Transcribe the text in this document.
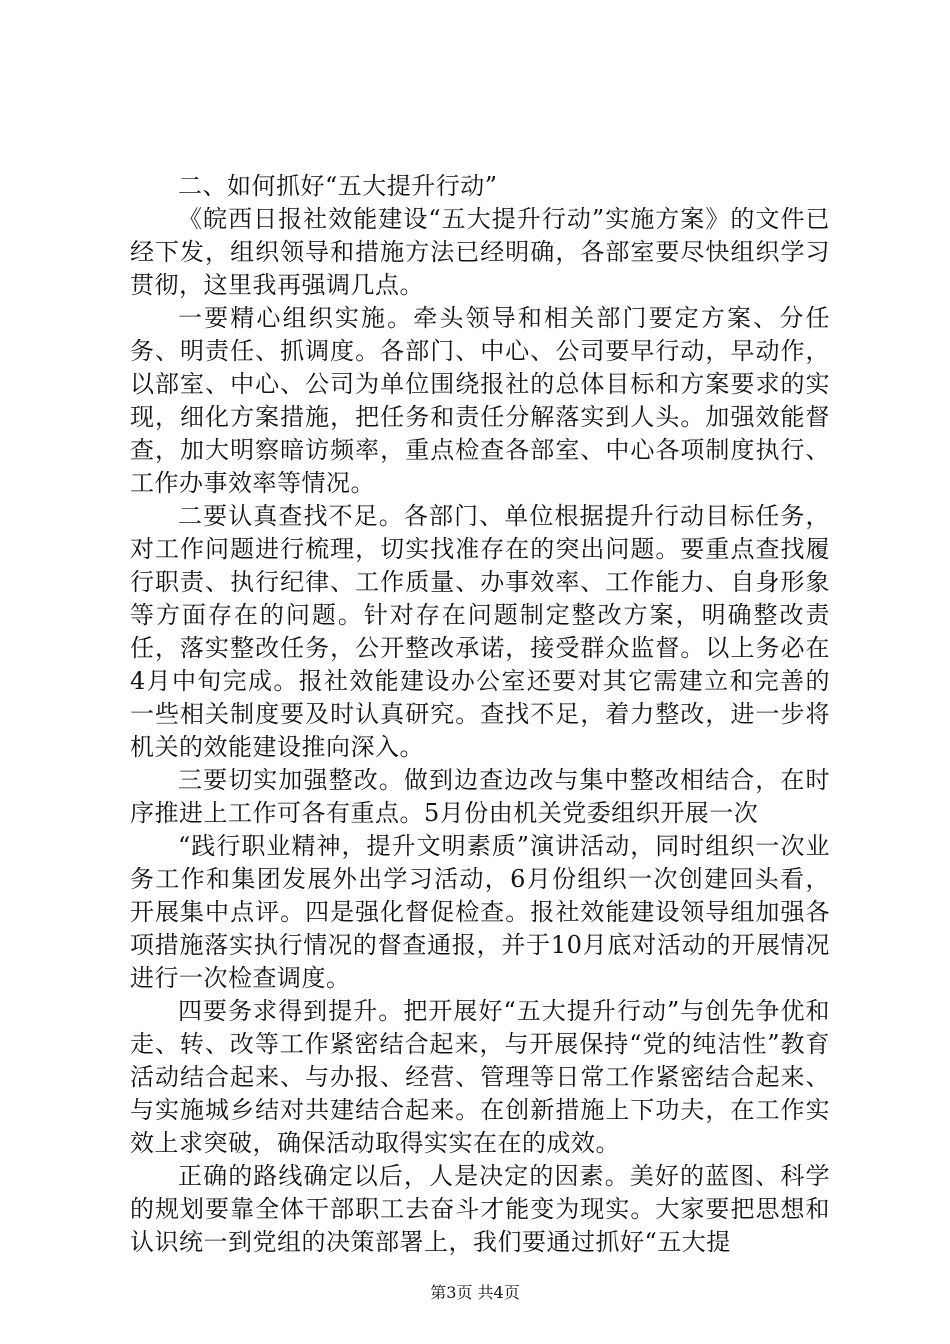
二、如何抓好“五大提升行动”

《皖西日报社效能建设“五大提升行动”实施方案》的文件已经下发，组织领导和措施方法已经明确，各部室要尽快组织学习贯彻，这里我再强调几点。

一要精心组织实施。牵头领导和相关部门要定方案、分任务、明责任、抓调度。各部门、中心、公司要早行动，早动作，以部室、中心、公司为单位围绕报社的总体目标和方案要求的实现，细化方案措施，把任务和责任分解落实到人头。加强效能督查，加大明察暗访频率，重点检查各部室、中心各项制度执行、工作办事效率等情况。

二要认真查找不足。各部门、单位根据提升行动目标任务，对工作问题进行梳理，切实找准存在的突出问题。要重点查找履行职责、执行纪律、工作质量、办事效率、工作能力、自身形象等方面存在的问题。针对存在问题制定整改方案，明确整改责任，落实整改任务，公开整改承诺，接受群众监督。以上务必在4月中旬完成。报社效能建设办公室还要对其它需建立和完善的一些相关制度要及时认真研究。查找不足，着力整改，进一步将机关的效能建设推向深入。

三要切实加强整改。做到边查边改与集中整改相结合，在时序推进上工作可各有重点。5月份由机关党委组织开展一次

“践行职业精神，提升文明素质”演讲活动，同时组织一次业务工作和集团发展外出学习活动，6月份组织一次创建回头看，开展集中点评。四是强化督促检查。报社效能建设领导组加强各项措施落实执行情况的督查通报，并于10月底对活动的开展情况进行一次检查调度。

四要务求得到提升。把开展好“五大提升行动”与创先争优和走、转、改等工作紧密结合起来，与开展保持“党的纯洁性”教育活动结合起来、与办报、经营、管理等日常工作紧密结合起来、与实施城乡结对共建结合起来。在创新措施上下功夫，在工作实效上求突破，确保活动取得实实在在的成效。

正确的路线确定以后，人是决定的因素。美好的蓝图、科学的规划要靠全体干部职工去奋斗才能变为现实。大家要把思想和认识统一到党组的决策部署上，我们要通过抓好“五大提

第3页 共4页
